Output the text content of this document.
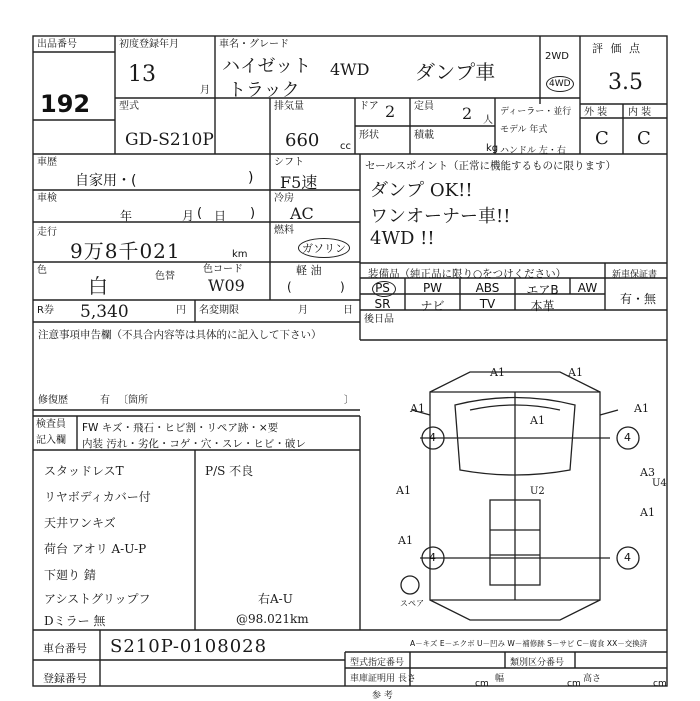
出品番号
192
初度登録年月
13
月
車名・グレード
ハイゼット
トラック
4WD ダンプ車
2WD
4WD
評 価 点
3.5
外 装 内 装
C C
型式
GD-S210P
排気量
660 cc
ドア 2 定員 2 人
形状	積載
kg
ディーラー・並行
モデル 年式
ハンドル 左・右
車歴
自家用・(	)
車検
年	月 ( 日 )
シフト
F5速
走行
9万8千021	km
冷房
AC
燃料
ガソリン
軽 油
(	)
色
白	色替
色コード
W09
R券 5,340	円 名変期限	月	日
セールスポイント（正常に機能するものに限ります）
ダンプ OK!!
ワンオーナー車!!
4WD !!
装備品（純正品に限り○をつけください）
PS	PW	ABS	エアB	AW
SR	ナビ	TV	本革
新車保証書
有・無
後日品
注意事項申告欄（不具合内容等は具体的に記入して下さい）
修復歴	有 〔箇所	〕
検査員
記入欄
FW キズ・飛石・ヒビ割・リペア跡・×要
内装 汚れ・劣化・コゲ・穴・スレ・ヒビ・破レ
スタッドレスT
リヤボディカバー付
天井ワンキズ
荷台 アオリ A-U-P
下廻り 錆
アシストグリップフ
Dミラー 無
P/S 不良
右A-U
@98.021km
A1	A1
A1	A1
A1
A1
A1
A1
A3
U4
U2
4	4
4	4
スペア
A－キズ E－エクボ U－凹み W－補修跡 S－サビ C－腐食 XX－交換済
型式指定番号	類別区分番号
参 考
車庫証明用 長さ	cm 幅	cm 高さ	cm
車台番号 S210P-0108028
登録番号
